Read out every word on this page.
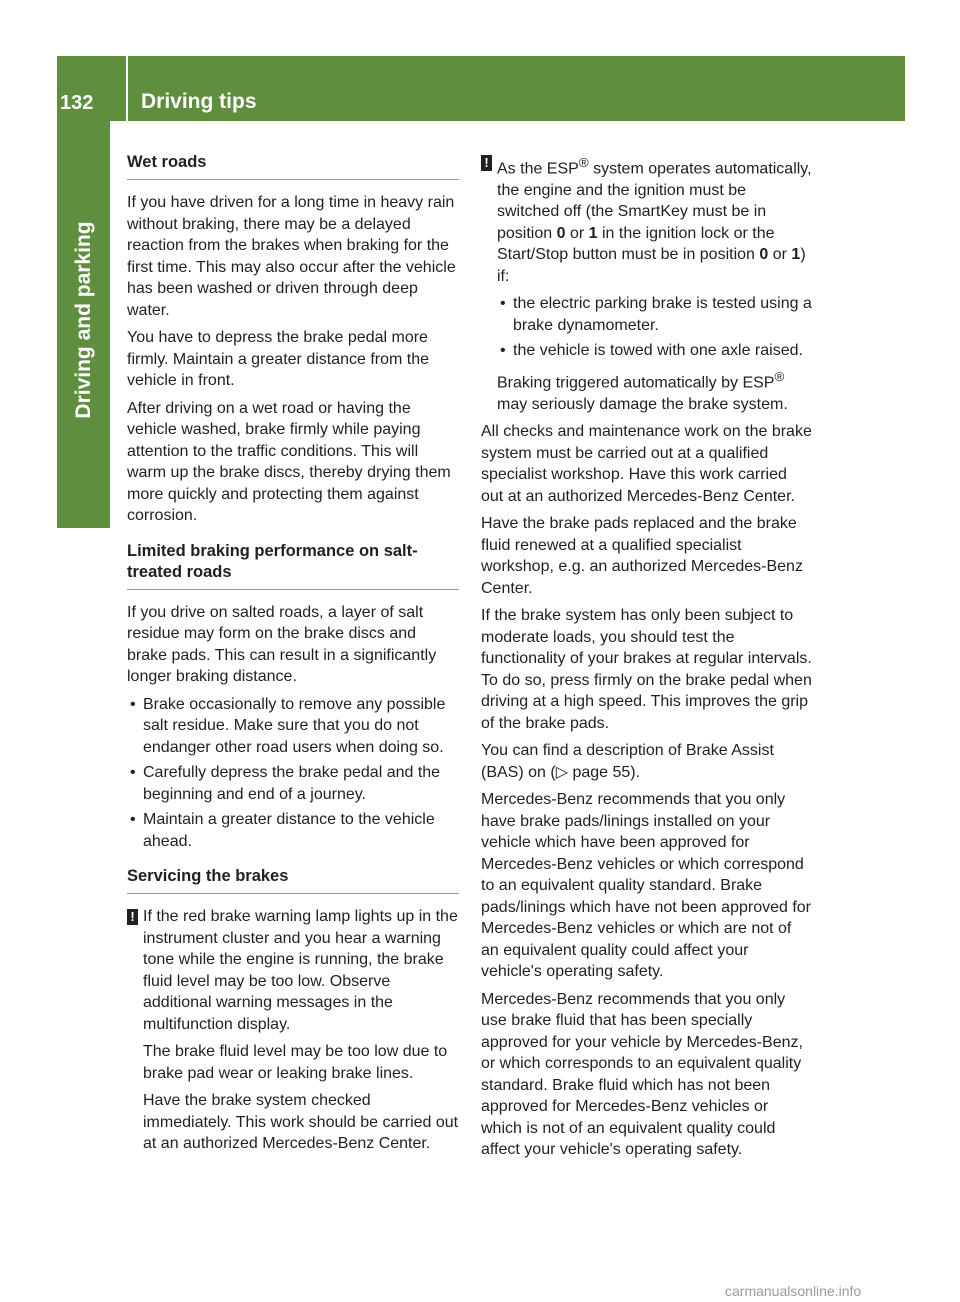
132 Driving tips
Driving and parking
Wet roads

If you have driven for a long time in heavy rain without braking, there may be a delayed reaction from the brakes when braking for the first time. This may also occur after the vehicle has been washed or driven through deep water.

You have to depress the brake pedal more firmly. Maintain a greater distance from the vehicle in front.

After driving on a wet road or having the vehicle washed, brake firmly while paying attention to the traffic conditions. This will warm up the brake discs, thereby drying them more quickly and protecting them against corrosion.

Limited braking performance on salt-treated roads

If you drive on salted roads, a layer of salt residue may form on the brake discs and brake pads. This can result in a significantly longer braking distance.

• Brake occasionally to remove any possible salt residue. Make sure that you do not endanger other road users when doing so.
• Carefully depress the brake pedal and the beginning and end of a journey.
• Maintain a greater distance to the vehicle ahead.
Servicing the brakes
! If the red brake warning lamp lights up in the instrument cluster and you hear a warning tone while the engine is running, the brake fluid level may be too low. Observe additional warning messages in the multifunction display.

The brake fluid level may be too low due to brake pad wear or leaking brake lines.

Have the brake system checked immediately. This work should be carried out at an authorized Mercedes-Benz Center.

! As the ESP® system operates automatically, the engine and the ignition must be switched off (the SmartKey must be in position 0 or 1 in the ignition lock or the Start/Stop button must be in position 0 or 1) if:

• the electric parking brake is tested using a brake dynamometer.
• the vehicle is towed with one axle raised.

Braking triggered automatically by ESP® may seriously damage the brake system.

All checks and maintenance work on the brake system must be carried out at a qualified specialist workshop. Have this work carried out at an authorized Mercedes-Benz Center.

Have the brake pads replaced and the brake fluid renewed at a qualified specialist workshop, e.g. an authorized Mercedes-Benz Center.

If the brake system has only been subject to moderate loads, you should test the functionality of your brakes at regular intervals. To do so, press firmly on the brake pedal when driving at a high speed. This improves the grip of the brake pads.

You can find a description of Brake Assist (BAS) on (▷ page 55).

Mercedes-Benz recommends that you only have brake pads/linings installed on your vehicle which have been approved for Mercedes-Benz vehicles or which correspond to an equivalent quality standard. Brake pads/linings which have not been approved for Mercedes-Benz vehicles or which are not of an equivalent quality could affect your vehicle's operating safety.

Mercedes-Benz recommends that you only use brake fluid that has been specially approved for your vehicle by Mercedes-Benz, or which corresponds to an equivalent quality standard. Brake fluid which has not been approved for Mercedes-Benz vehicles or which is not of an equivalent quality could affect your vehicle's operating safety.

carmanualsonline.info
